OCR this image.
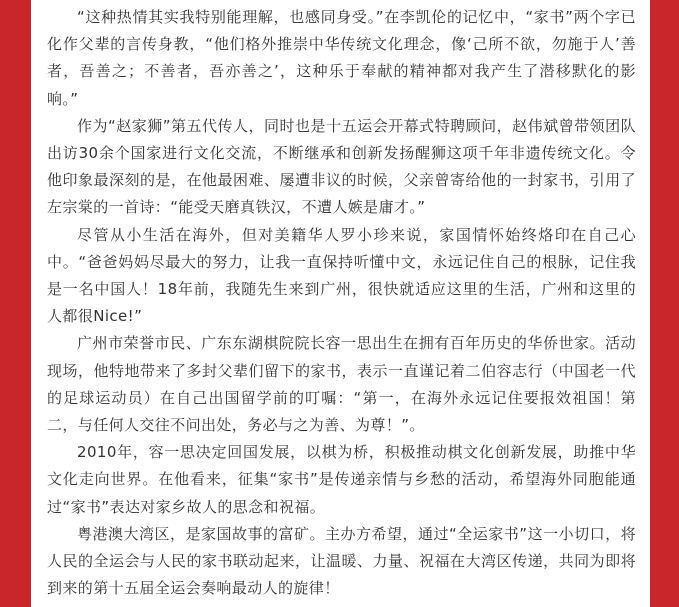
“这种热情其实我特别能理解，也感同身受。”在李凯伦的记忆中，“家书”两个字已化作父辈的言传身教，“他们格外推崇中华传统文化理念，像‘己所不欲，勿施于人’善者，吾善之；不善者，吾亦善之’，这种乐于奉献的精神都对我产生了潜移默化的影响。”

作为“赵家狮”第五代传人，同时也是十五运会开幕式特聘顾问，赵伟斌曾带领团队出访30余个国家进行文化交流，不断继承和创新发扬醒狮这项千年非遗传统文化。令他印象最深刻的是，在他最困难、屡遭非议的时候，父亲曾寄给他的一封家书，引用了左宗棠的一首诗：“能受天磨真铁汉，不遭人嫉是庸才。”

尽管从小生活在海外，但对美籍华人罗小珍来说，家国情怀始终烙印在自己心中。“爸爸妈妈尽最大的努力，让我一直保持听懂中文，永远记住自己的根脉，记住我是一名中国人！18年前，我随先生来到广州，很快就适应这里的生活，广州和这里的人都很Nice!”

广州市荣誉市民、广东东湖棋院院长容一思出生在拥有百年历史的华侨世家。活动现场，他特地带来了多封父辈们留下的家书，表示一直谨记着二伯容志行（中国老一代的足球运动员）在自己出国留学前的叮嘱：“第一，在海外永远记住要报效祖国！第二，与任何人交往不问出处，务必与之为善、为尊！”。

2010年，容一思决定回国发展，以棋为桥，积极推动棋文化创新发展，助推中华文化走向世界。在他看来，征集“家书”是传递亲情与乡愁的活动，希望海外同胞能通过“家书”表达对家乡故人的思念和祝福。

粤港澳大湾区，是家国故事的富矿。主办方希望，通过“全运家书”这一小切口，将人民的全运会与人民的家书联动起来，让温暖、力量、祝福在大湾区传递，共同为即将到来的第十五届全运会奏响最动人的旋律！
